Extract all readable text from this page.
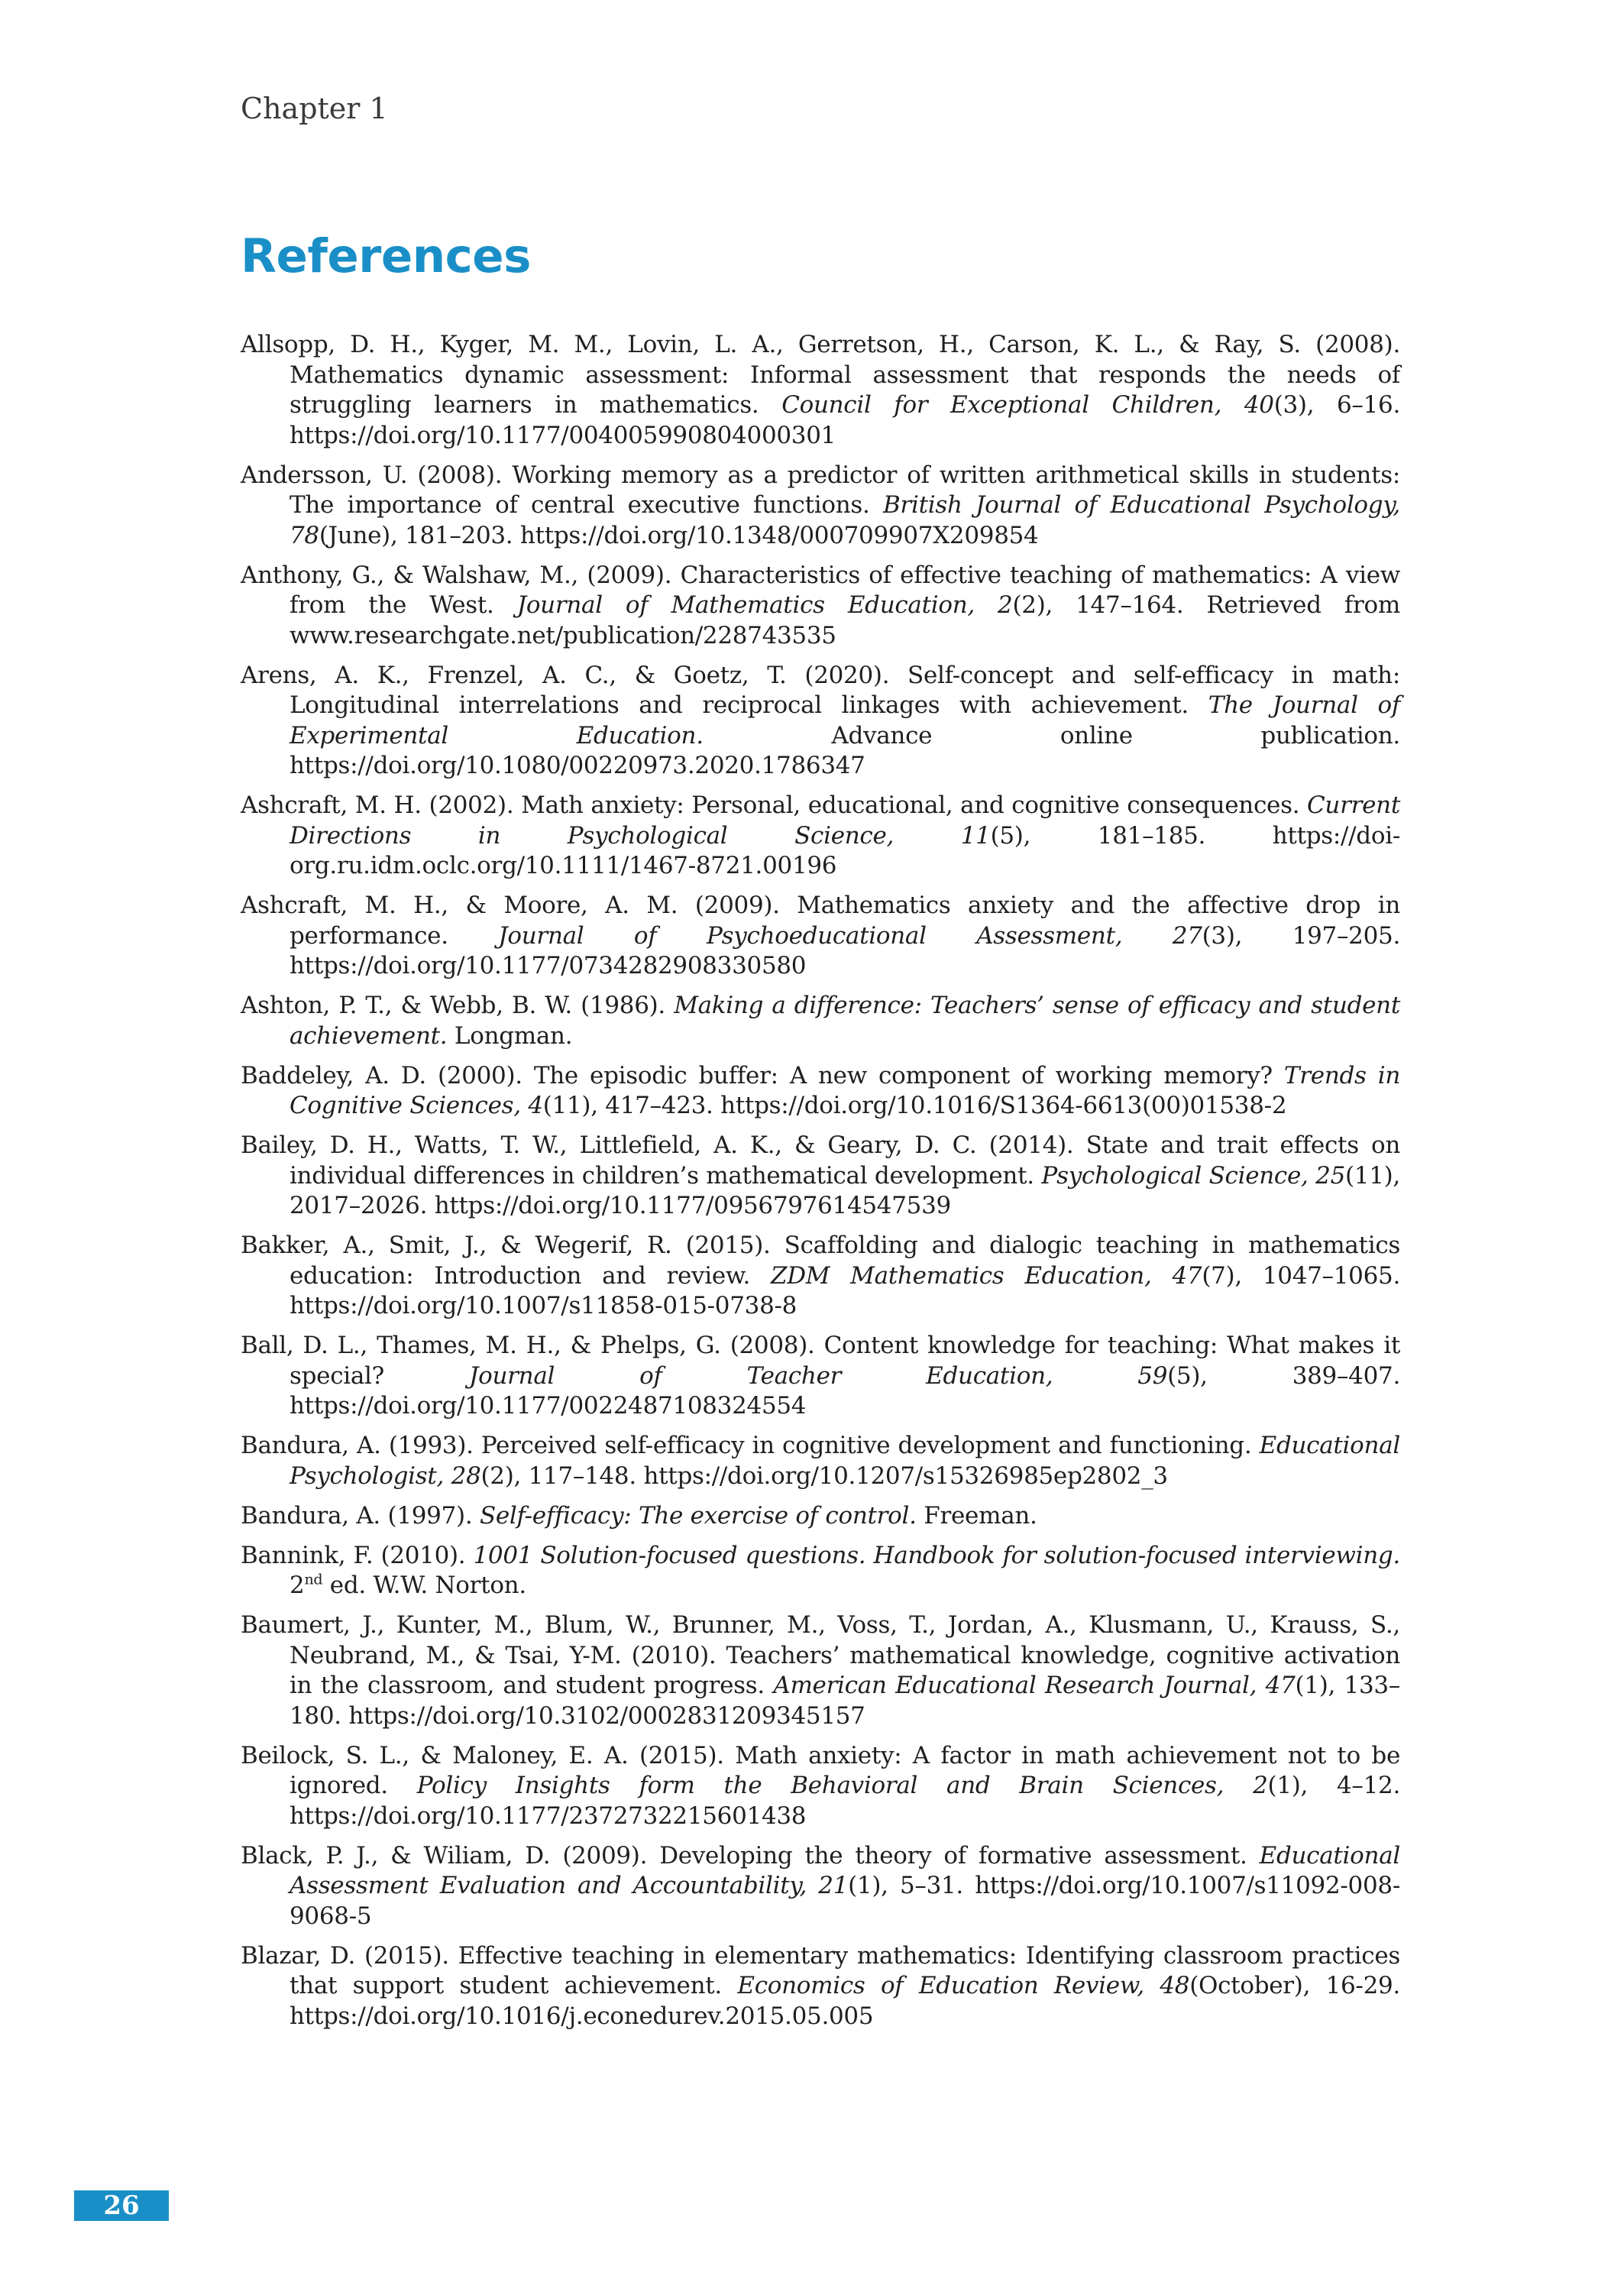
Chapter 1
References
Allsopp, D. H., Kyger, M. M., Lovin, L. A., Gerretson, H., Carson, K. L., & Ray, S. (2008). Mathematics dynamic assessment: Informal assessment that responds the needs of struggling learners in mathematics. Council for Exceptional Children, 40(3), 6–16. https://doi.org/10.1177/004005990804000301
Andersson, U. (2008). Working memory as a predictor of written arithmetical skills in students: The importance of central executive functions. British Journal of Educational Psychology, 78(June), 181–203. https://doi.org/10.1348/000709907X209854
Anthony, G., & Walshaw, M., (2009). Characteristics of effective teaching of mathematics: A view from the West. Journal of Mathematics Education, 2(2), 147–164. Retrieved from www.researchgate.net/publication/228743535
Arens, A. K., Frenzel, A. C., & Goetz, T. (2020). Self-concept and self-efficacy in math: Longitudinal interrelations and reciprocal linkages with achievement. The Journal of Experimental Education. Advance online publication. https://doi.org/10.1080/00220973.2020.1786347
Ashcraft, M. H. (2002). Math anxiety: Personal, educational, and cognitive consequences. Current Directions in Psychological Science, 11(5), 181–185. https://doi-org.ru.idm.oclc.org/10.1111/1467-8721.00196
Ashcraft, M. H., & Moore, A. M. (2009). Mathematics anxiety and the affective drop in performance. Journal of Psychoeducational Assessment, 27(3), 197–205. https://doi.org/10.1177/0734282908330580
Ashton, P. T., & Webb, B. W. (1986). Making a difference: Teachers’ sense of efficacy and student achievement. Longman.
Baddeley, A. D. (2000). The episodic buffer: A new component of working memory? Trends in Cognitive Sciences, 4(11), 417–423. https://doi.org/10.1016/S1364-6613(00)01538-2
Bailey, D. H., Watts, T. W., Littlefield, A. K., & Geary, D. C. (2014). State and trait effects on individual differences in children’s mathematical development. Psychological Science, 25(11), 2017–2026. https://doi.org/10.1177/0956797614547539
Bakker, A., Smit, J., & Wegerif, R. (2015). Scaffolding and dialogic teaching in mathematics education: Introduction and review. ZDM Mathematics Education, 47(7), 1047–1065. https://doi.org/10.1007/s11858-015-0738-8
Ball, D. L., Thames, M. H., & Phelps, G. (2008). Content knowledge for teaching: What makes it special? Journal of Teacher Education, 59(5), 389–407. https://doi.org/10.1177/0022487108324554
Bandura, A. (1993). Perceived self-efficacy in cognitive development and functioning. Educational Psychologist, 28(2), 117–148. https://doi.org/10.1207/s15326985ep2802_3
Bandura, A. (1997). Self-efficacy: The exercise of control. Freeman.
Bannink, F. (2010). 1001 Solution-focused questions. Handbook for solution-focused interviewing. 2nd ed. W.W. Norton.
Baumert, J., Kunter, M., Blum, W., Brunner, M., Voss, T., Jordan, A., Klusmann, U., Krauss, S., Neubrand, M., & Tsai, Y-M. (2010). Teachers’ mathematical knowledge, cognitive activation in the classroom, and student progress. American Educational Research Journal, 47(1), 133–180. https://doi.org/10.3102/0002831209345157
Beilock, S. L., & Maloney, E. A. (2015). Math anxiety: A factor in math achievement not to be ignored. Policy Insights form the Behavioral and Brain Sciences, 2(1), 4–12. https://doi.org/10.1177/2372732215601438
Black, P. J., & Wiliam, D. (2009). Developing the theory of formative assessment. Educational Assessment Evaluation and Accountability, 21(1), 5–31. https://doi.org/10.1007/s11092-008-9068-5
Blazar, D. (2015). Effective teaching in elementary mathematics: Identifying classroom practices that support student achievement. Economics of Education Review, 48(October), 16-29. https://doi.org/10.1016/j.econedurev.2015.05.005
26
